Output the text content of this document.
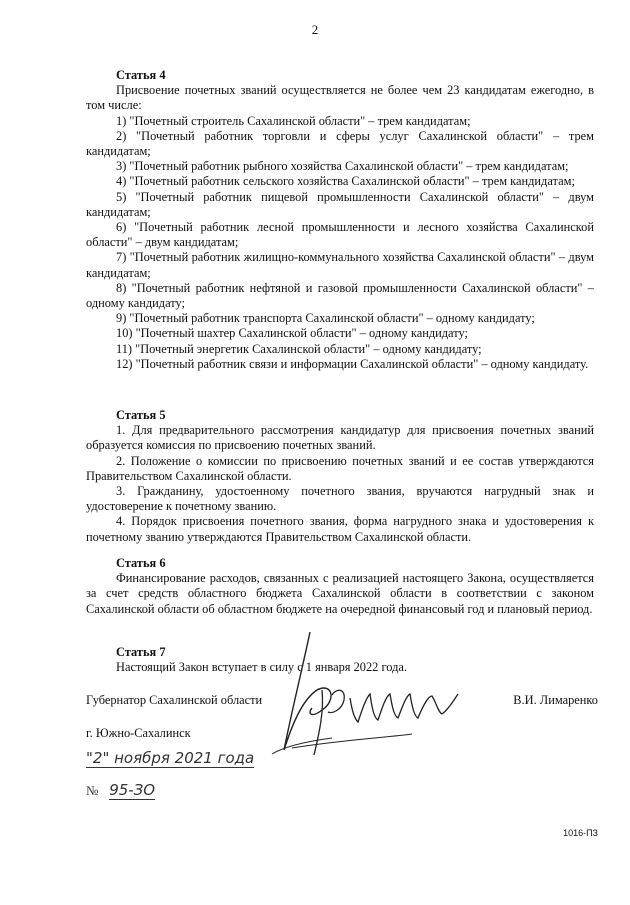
2

Статья 4

Присвоение почетных званий осуществляется не более чем 23 кандидатам ежегодно, в том числе:

1) "Почетный строитель Сахалинской области" – трем кандидатам;

2) "Почетный работник торговли и сферы услуг Сахалинской области" – трем кандидатам;

3) "Почетный работник рыбного хозяйства Сахалинской области" – трем кандидатам;

4) "Почетный работник сельского хозяйства Сахалинской области" – трем кандидатам;

5) "Почетный работник пищевой промышленности Сахалинской области" – двум кандидатам;

6) "Почетный работник лесной промышленности и лесного хозяйства Сахалинской области" – двум кандидатам;

7) "Почетный работник жилищно-коммунального хозяйства Сахалинской области" – двум кандидатам;

8) "Почетный работник нефтяной и газовой промышленности Сахалинской области" – одному кандидату;

9) "Почетный работник транспорта Сахалинской области" – одному кандидату;

10) "Почетный шахтер Сахалинской области" – одному кандидату;

11) "Почетный энергетик Сахалинской области" – одному кандидату;

12) "Почетный работник связи и информации Сахалинской области" – одному кандидату.

Статья 5

1. Для предварительного рассмотрения кандидатур для присвоения почетных званий образуется комиссия по присвоению почетных званий.

2. Положение о комиссии по присвоению почетных званий и ее состав утверждаются Правительством Сахалинской области.

3. Гражданину, удостоенному почетного звания, вручаются нагрудный знак и удостоверение к почетному званию.

4. Порядок присвоения почетного звания, форма нагрудного знака и удостоверения к почетному званию утверждаются Правительством Сахалинской области.

Статья 6

Финансирование расходов, связанных с реализацией настоящего Закона, осуществляется за счет средств областного бюджета Сахалинской области в соответствии с законом Сахалинской области об областном бюджете на очередной финансовый год и плановый период.

Статья 7

Настоящий Закон вступает в силу с 1 января 2022 года.

Губернатор Сахалинской области	В.И. Лимаренко
г. Южно-Сахалинск
"2" ноября 2021 года
№ 95-ЗО
1016-ПЗ
